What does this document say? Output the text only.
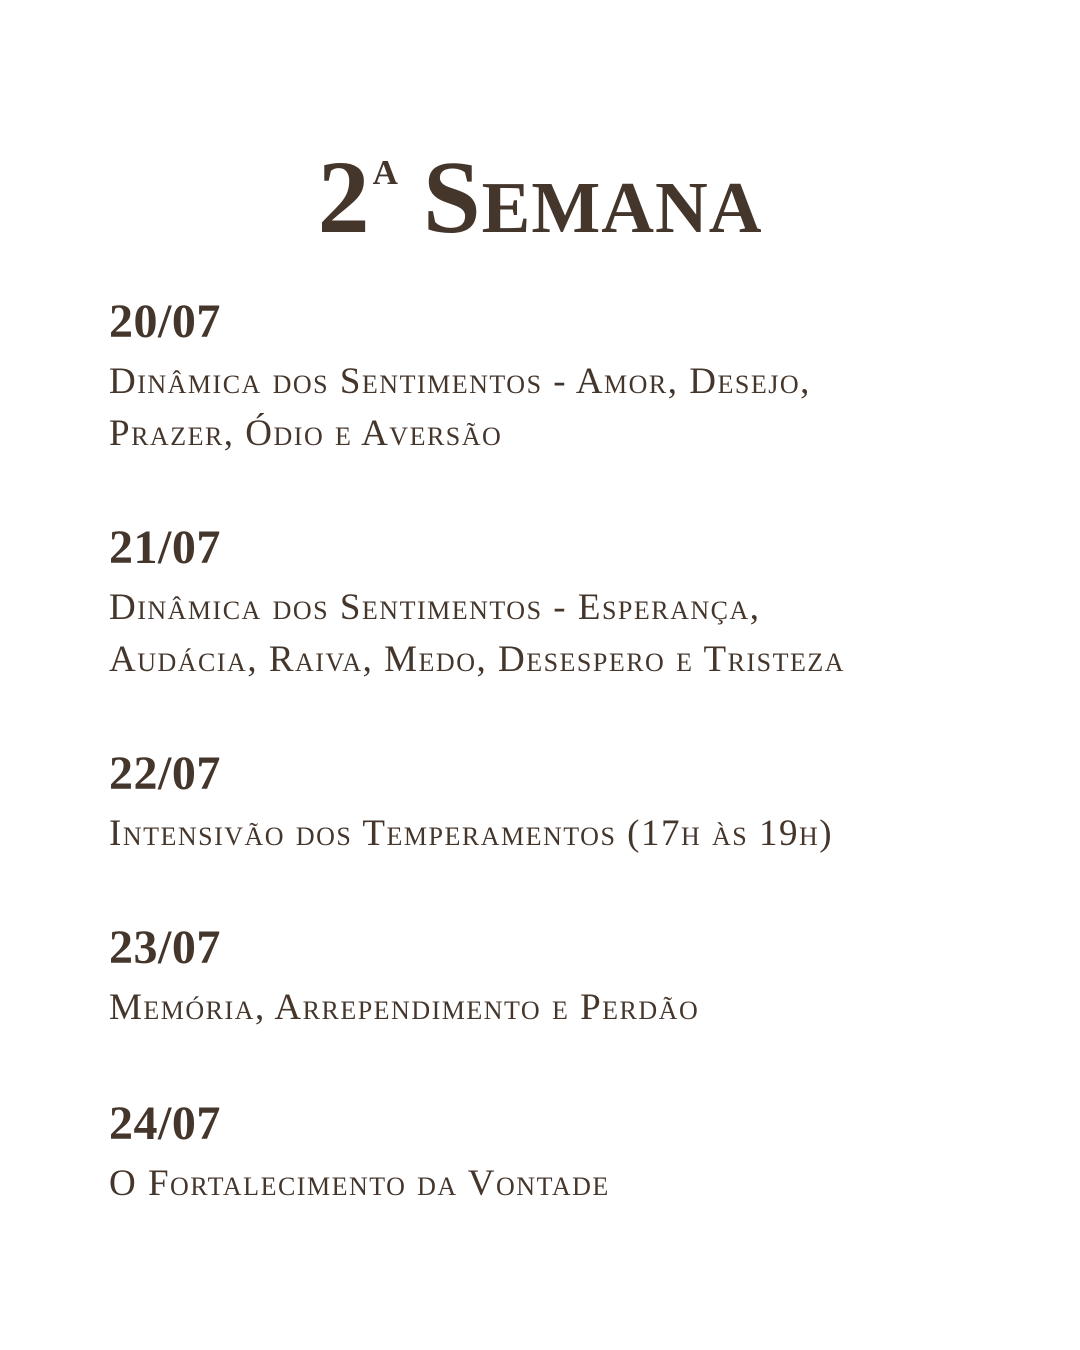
2$^a$ Semana
20/07
Dinâmica dos Sentimentos - Amor, Desejo,
Prazer, Ódio e Aversão
21/07
Dinâmica dos Sentimentos - Esperança,
Audácia, Raiva, Medo, Desespero e Tristeza
22/07
Intensivão dos Temperamentos (17h às 19h)
23/07
Memória, Arrependimento e Perdão
24/07
O Fortalecimento da Vontade
